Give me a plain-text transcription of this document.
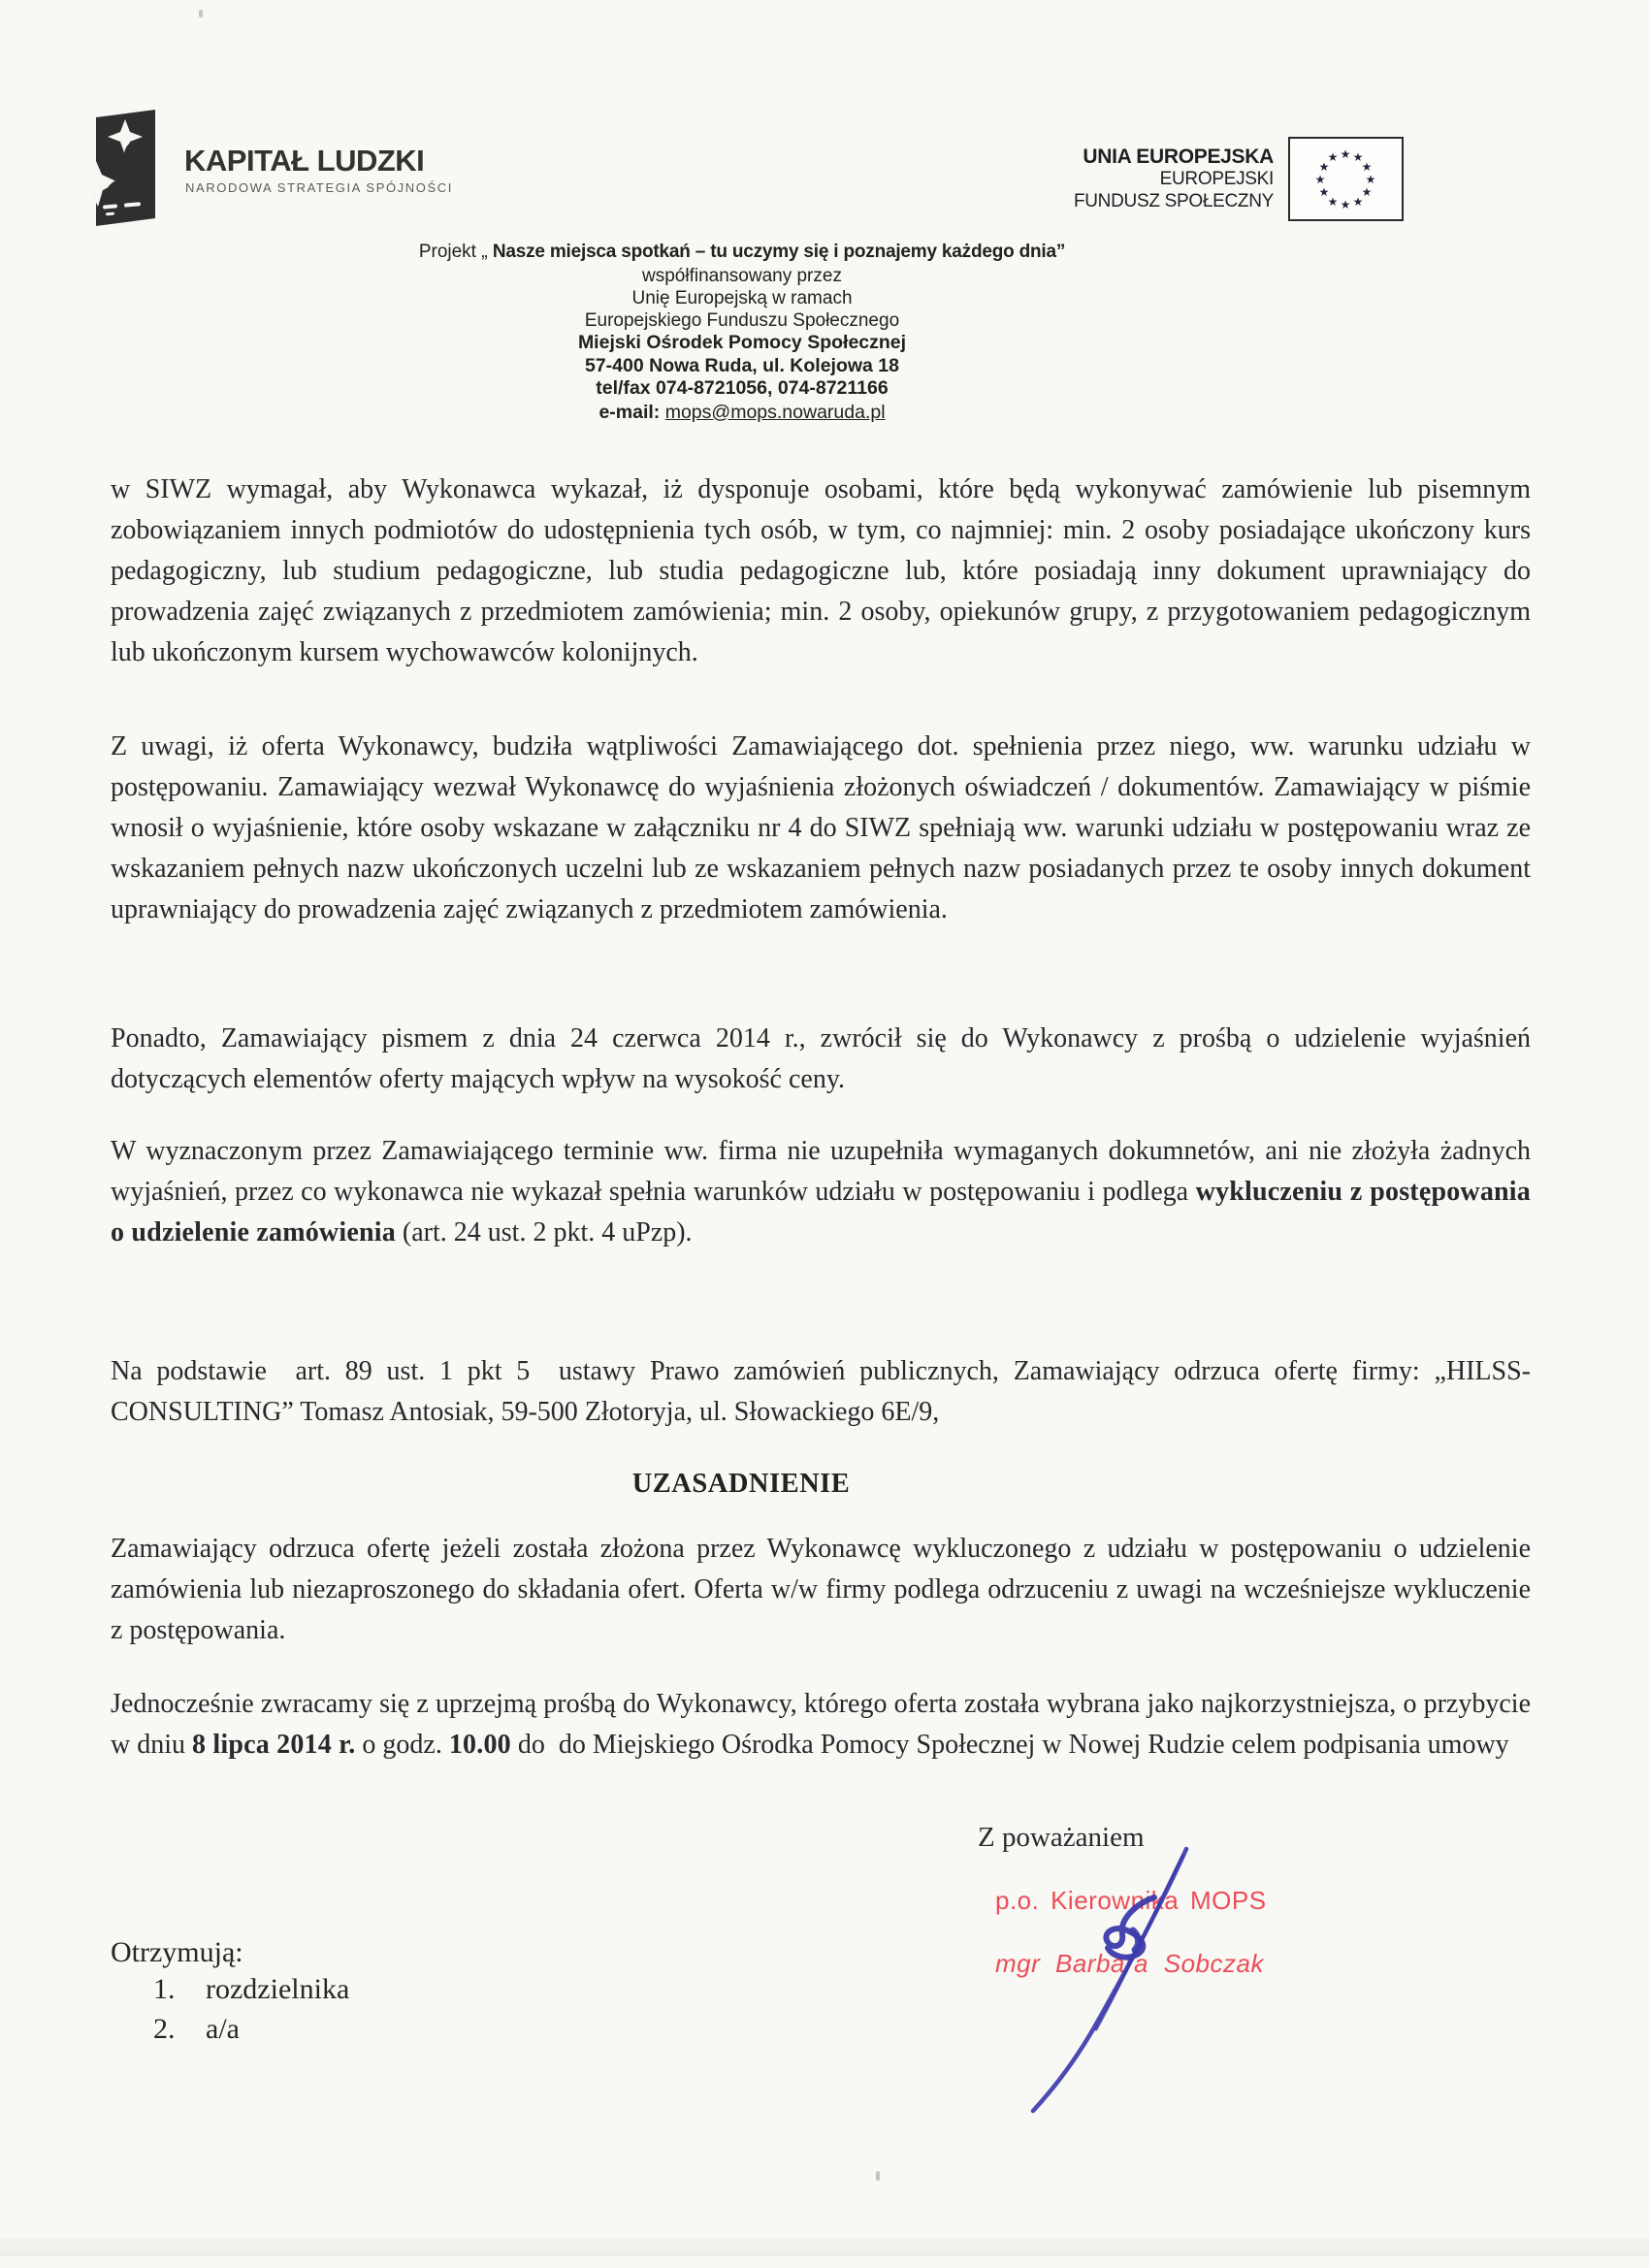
KAPITAŁ LUDZKI
NARODOWA STRATEGIA SPÓJNOŚCI
UNIA EUROPEJSKA
EUROPEJSKI
FUNDUSZ SPOŁECZNY
★ ★
★
★
★
★
★
★
★
★
★
★
Projekt „ Nasze miejsca spotkań – tu uczymy się i poznajemy każdego dnia”
współfinansowany przez
Unię Europejską w ramach
Europejskiego Funduszu Społecznego
Miejski Ośrodek Pomocy Społecznej
57-400 Nowa Ruda, ul. Kolejowa 18
tel/fax 074-8721056, 074-8721166
e-mail: mops@mops.nowaruda.pl
w SIWZ wymagał, aby Wykonawca wykazał, iż dysponuje osobami, które będą wykonywać zamówienie lub pisemnym zobowiązaniem innych podmiotów do udostępnienia tych osób, w tym, co najmniej: min. 2 osoby posiadające ukończony kurs pedagogiczny, lub studium pedagogiczne, lub studia pedagogiczne lub, które posiadają inny dokument uprawniający do prowadzenia zajęć związanych z przedmiotem zamówienia; min. 2 osoby, opiekunów grupy, z przygotowaniem pedagogicznym lub ukończonym kursem wychowawców kolonijnych.
Z uwagi, iż oferta Wykonawcy, budziła wątpliwości Zamawiającego dot. spełnienia przez niego, ww. warunku udziału w postępowaniu. Zamawiający wezwał Wykonawcę do wyjaśnienia złożonych oświadczeń / dokumentów. Zamawiający w piśmie wnosił o wyjaśnienie, które osoby wskazane w załączniku nr 4 do SIWZ spełniają ww. warunki udziału w postępowaniu wraz ze wskazaniem pełnych nazw ukończonych uczelni lub ze wskazaniem pełnych nazw posiadanych przez te osoby innych dokument uprawniający do prowadzenia zajęć związanych z przedmiotem zamówienia.
Ponadto, Zamawiający pismem z dnia 24 czerwca 2014 r., zwrócił się do Wykonawcy z prośbą o udzielenie wyjaśnień dotyczących elementów oferty mających wpływ na wysokość ceny.
W wyznaczonym przez Zamawiającego terminie ww. firma nie uzupełniła wymaganych dokumnetów, ani nie złożyła żadnych wyjaśnień, przez co wykonawca nie wykazał spełnia warunków udziału w postępowaniu i podlega wykluczeniu z postępowania o udzielenie zamówienia (art. 24 ust. 2 pkt. 4 uPzp).
Na podstawie  art. 89 ust. 1 pkt 5  ustawy Prawo zamówień publicznych, Zamawiający odrzuca ofertę firmy: „HILSS-CONSULTING” Tomasz Antosiak, 59-500 Złotoryja, ul. Słowackiego 6E/9,
UZASADNIENIE
Zamawiający odrzuca ofertę jeżeli została złożona przez Wykonawcę wykluczonego z udziału w postępowaniu o udzielenie zamówienia lub niezaproszonego do składania ofert. Oferta w/w firmy podlega odrzuceniu z uwagi na wcześniejsze wykluczenie z postępowania.
Jednocześnie zwracamy się z uprzejmą prośbą do Wykonawcy, którego oferta została wybrana jako najkorzystniejsza, o przybycie w dniu 8 lipca 2014 r. o godz. 10.00 do  do Miejskiego Ośrodka Pomocy Społecznej w Nowej Rudzie celem podpisania umowy
Z poważaniem
p.o. Kierownika MOPS
mgr Barbara Sobczak
Otrzymują:
1. rozdzielnika
2. a/a
